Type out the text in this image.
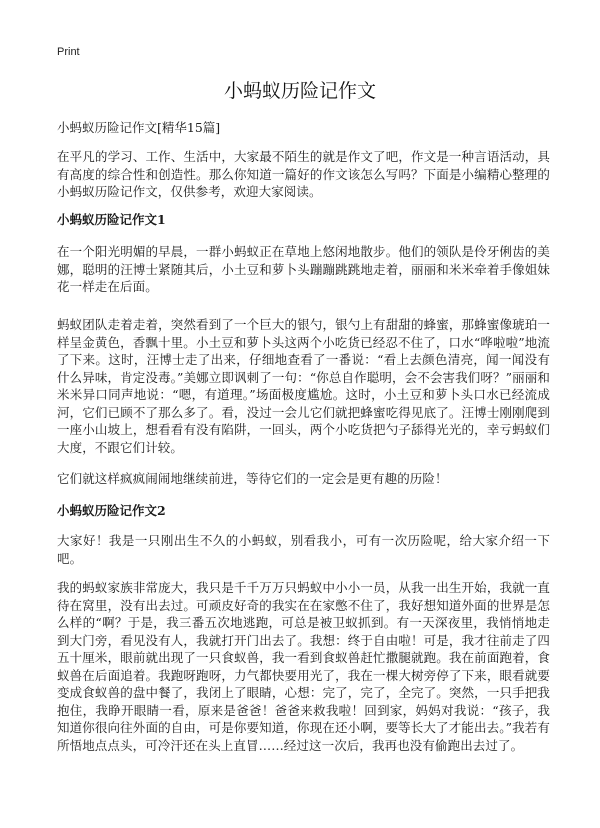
Print
小蚂蚁历险记作文
小蚂蚁历险记作文[精华15篇]

在平凡的学习、工作、生活中，大家最不陌生的就是作文了吧，作文是一种言语活动，具有高度的综合性和创造性。那么你知道一篇好的作文该怎么写吗？下面是小编精心整理的小蚂蚁历险记作文，仅供参考，欢迎大家阅读。

小蚂蚁历险记作文1

在一个阳光明媚的早晨，一群小蚂蚁正在草地上悠闲地散步。他们的领队是伶牙俐齿的美娜，聪明的汪博士紧随其后，小土豆和萝卜头蹦蹦跳跳地走着，丽丽和米米牵着手像姐妹花一样走在后面。

蚂蚁团队走着走着，突然看到了一个巨大的银勺，银勺上有甜甜的蜂蜜，那蜂蜜像琥珀一样呈金黄色，香飘十里。小土豆和萝卜头这两个小吃货已经忍不住了，口水“哗啦啦”地流了下来。这时，汪博士走了出来，仔细地查看了一番说：“看上去颜色清亮，闻一闻没有什么异味，肯定没毒。”美娜立即讽刺了一句：“你总自作聪明，会不会害我们呀？”丽丽和米米异口同声地说：“嗯，有道理。”场面极度尴尬。这时，小土豆和萝卜头口水已经流成河，它们已顾不了那么多了。看，没过一会儿它们就把蜂蜜吃得见底了。汪博士刚刚爬到一座小山坡上，想看看有没有陷阱，一回头，两个小吃货把勺子舔得光光的，幸亏蚂蚁们大度，不跟它们计较。

它们就这样疯疯闹闹地继续前进，等待它们的一定会是更有趣的历险！

小蚂蚁历险记作文2

大家好！我是一只刚出生不久的小蚂蚁，别看我小，可有一次历险呢，给大家介绍一下吧。

我的蚂蚁家族非常庞大，我只是千千万万只蚂蚁中小小一员，从我一出生开始，我就一直待在窝里，没有出去过。可顽皮好奇的我实在在家憋不住了，我好想知道外面的世界是怎么样的“啊？于是，我三番五次地逃跑，可总是被卫蚁抓到。有一天深夜里，我悄悄地走到大门旁，看见没有人，我就打开门出去了。我想：终于自由啦！可是，我才往前走了四五十厘米，眼前就出现了一只食蚁兽，我一看到食蚁兽赶忙撒腿就跑。我在前面跑着，食蚁兽在后面追着。我跑呀跑呀，力气都快要用光了，我在一棵大树旁停了下来，眼看就要变成食蚁兽的盘中餐了，我闭上了眼睛，心想：完了，完了，全完了。突然，一只手把我抱住，我睁开眼睛一看，原来是爸爸！爸爸来救我啦！回到家，妈妈对我说：“孩子，我知道你很向往外面的自由，可是你要知道，你现在还小啊，要等长大了才能出去。”我若有所悟地点点头，可冷汗还在头上直冒……经过这一次后，我再也没有偷跑出去过了。
